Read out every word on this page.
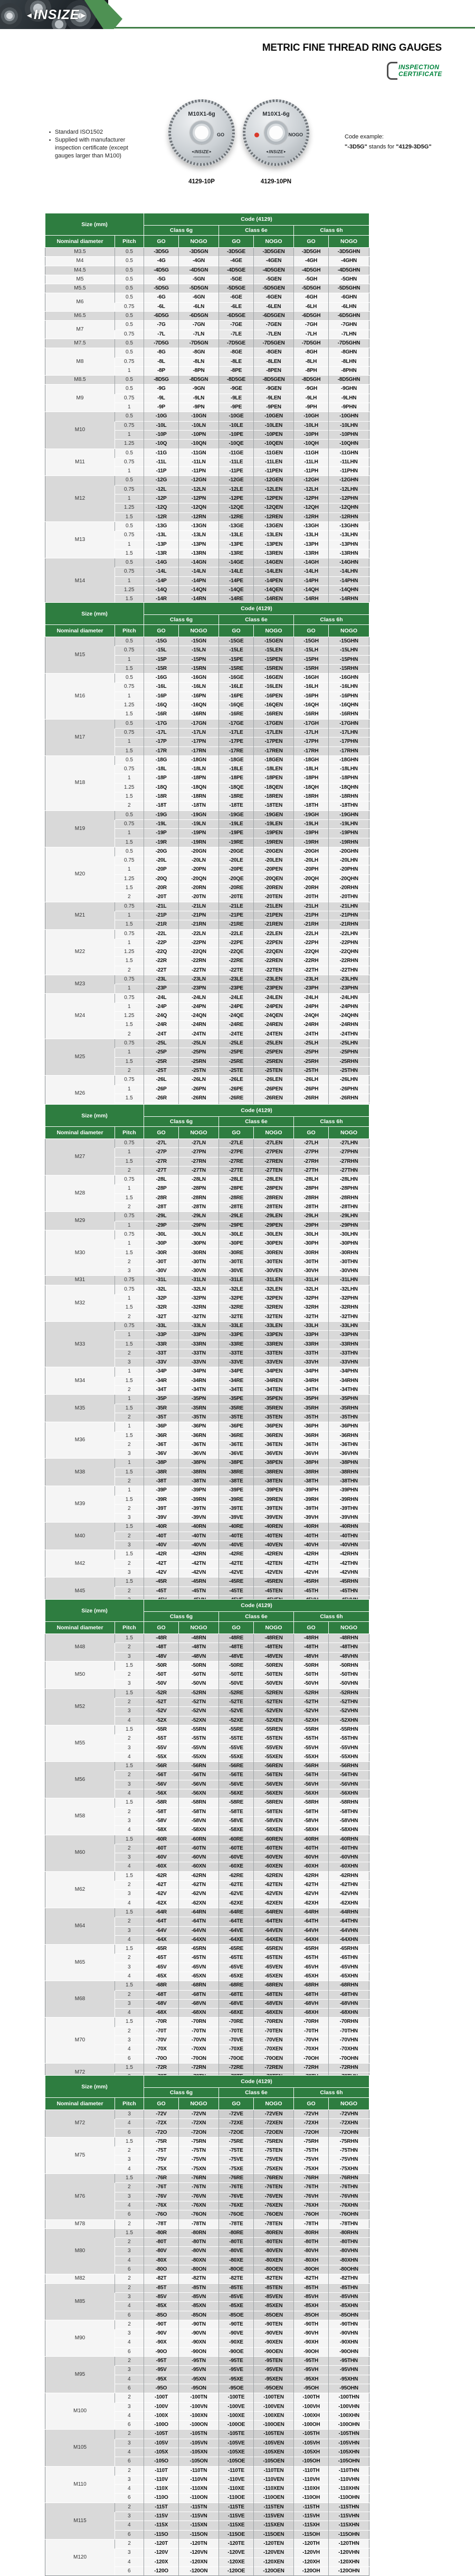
◄INSIZE►
METRIC FINE THREAD RING GAUGES
INSPECTION
CERTIFICATE
▪ Standard ISO1502
▪ Supplied with manufacturer inspection certificate (except gauges larger than M100)
M10X1-6g
GO
◄INSIZE►
M10X1-6g
NOGO
◄INSIZE►
4129-10P	4129-10PN
Code example:
"-3D5G" stands for "4129-3D5G"
Size (mm)		Code (4129)					
		Class 6g		Class 6e		Class 6h	
Nominal diameter	Pitch	GO	NOGO	GO	NOGO	GO	NOGO
M3.5	0.5	-3D5G	-3D5GN	-3D5GE	-3D5GEN	-3D5GH	-3D5GHN
M4	0.5	-4G	-4GN	-4GE	-4GEN	-4GH	-4GHN
M4.5	0.5	-4D5G	-4D5GN	-4D5GE	-4D5GEN	-4D5GH	-4D5GHN
M5	0.5	-5G	-5GN	-5GE	-5GEN	-5GH	-5GHN
M5.5	0.5	-5D5G	-5D5GN	-5D5GE	-5D5GEN	-5D5GH	-5D5GHN
M6	0.5	-6G	-6GN	-6GE	-6GEN	-6GH	-6GHN
	0.75	-6L	-6LN	-6LE	-6LEN	-6LH	-6LHN
M6.5	0.5	-6D5G	-6D5GN	-6D5GE	-6D5GEN	-6D5GH	-6D5GHN
M7	0.5	-7G	-7GN	-7GE	-7GEN	-7GH	-7GHN
	0.75	-7L	-7LN	-7LE	-7LEN	-7LH	-7LHN
M7.5	0.5	-7D5G	-7D5GN	-7D5GE	-7D5GEN	-7D5GH	-7D5GHN
M8	0.5	-8G	-8GN	-8GE	-8GEN	-8GH	-8GHN
	0.75	-8L	-8LN	-8LE	-8LEN	-8LH	-8LHN
	1	-8P	-8PN	-8PE	-8PEN	-8PH	-8PHN
M8.5	0.5	-8D5G	-8D5GN	-8D5GE	-8D5GEN	-8D5GH	-8D5GHN
M9	0.5	-9G	-9GN	-9GE	-9GEN	-9GH	-9GHN
	0.75	-9L	-9LN	-9LE	-9LEN	-9LH	-9LHN
	1	-9P	-9PN	-9PE	-9PEN	-9PH	-9PHN
M10	0.5	-10G	-10GN	-10GE	-10GEN	-10GH	-10GHN
	0.75	-10L	-10LN	-10LE	-10LEN	-10LH	-10LHN
	1	-10P	-10PN	-10PE	-10PEN	-10PH	-10PHN
	1.25	-10Q	-10QN	-10QE	-10QEN	-10QH	-10QHN
M11	0.5	-11G	-11GN	-11GE	-11GEN	-11GH	-11GHN
	0.75	-11L	-11LN	-11LE	-11LEN	-11LH	-11LHN
	1	-11P	-11PN	-11PE	-11PEN	-11PH	-11PHN
M12	0.5	-12G	-12GN	-12GE	-12GEN	-12GH	-12GHN
	0.75	-12L	-12LN	-12LE	-12LEN	-12LH	-12LHN
	1	-12P	-12PN	-12PE	-12PEN	-12PH	-12PHN
	1.25	-12Q	-12QN	-12QE	-12QEN	-12QH	-12QHN
	1.5	-12R	-12RN	-12RE	-12REN	-12RH	-12RHN
M13	0.5	-13G	-13GN	-13GE	-13GEN	-13GH	-13GHN
	0.75	-13L	-13LN	-13LE	-13LEN	-13LH	-13LHN
	1	-13P	-13PN	-13PE	-13PEN	-13PH	-13PHN
	1.5	-13R	-13RN	-13RE	-13REN	-13RH	-13RHN
M14	0.5	-14G	-14GN	-14GE	-14GEN	-14GH	-14GHN
	0.75	-14L	-14LN	-14LE	-14LEN	-14LH	-14LHN
	1	-14P	-14PN	-14PE	-14PEN	-14PH	-14PHN
	1.25	-14Q	-14QN	-14QE	-14QEN	-14QH	-14QHN
	1.5	-14R	-14RN	-14RE	-14REN	-14RH	-14RHN
Size (mm)		Code (4129)					
		Class 6g		Class 6e		Class 6h	
Nominal diameter	Pitch	GO	NOGO	GO	NOGO	GO	NOGO
M15	0.5	-15G	-15GN	-15GE	-15GEN	-15GH	-15GHN
	0.75	-15L	-15LN	-15LE	-15LEN	-15LH	-15LHN
	1	-15P	-15PN	-15PE	-15PEN	-15PH	-15PHN
	1.5	-15R	-15RN	-15RE	-15REN	-15RH	-15RHN
M16	0.5	-16G	-16GN	-16GE	-16GEN	-16GH	-16GHN
	0.75	-16L	-16LN	-16LE	-16LEN	-16LH	-16LHN
	1	-16P	-16PN	-16PE	-16PEN	-16PH	-16PHN
	1.25	-16Q	-16QN	-16QE	-16QEN	-16QH	-16QHN
	1.5	-16R	-16RN	-16RE	-16REN	-16RH	-16RHN
M17	0.5	-17G	-17GN	-17GE	-17GEN	-17GH	-17GHN
	0.75	-17L	-17LN	-17LE	-17LEN	-17LH	-17LHN
	1	-17P	-17PN	-17PE	-17PEN	-17PH	-17PHN
	1.5	-17R	-17RN	-17RE	-17REN	-17RH	-17RHN
M18	0.5	-18G	-18GN	-18GE	-18GEN	-18GH	-18GHN
	0.75	-18L	-18LN	-18LE	-18LEN	-18LH	-18LHN
	1	-18P	-18PN	-18PE	-18PEN	-18PH	-18PHN
	1.25	-18Q	-18QN	-18QE	-18QEN	-18QH	-18QHN
	1.5	-18R	-18RN	-18RE	-18REN	-18RH	-18RHN
	2	-18T	-18TN	-18TE	-18TEN	-18TH	-18THN
M19	0.5	-19G	-19GN	-19GE	-19GEN	-19GH	-19GHN
	0.75	-19L	-19LN	-19LE	-19LEN	-19LH	-19LHN
	1	-19P	-19PN	-19PE	-19PEN	-19PH	-19PHN
	1.5	-19R	-19RN	-19RE	-19REN	-19RH	-19RHN
M20	0.5	-20G	-20GN	-20GE	-20GEN	-20GH	-20GHN
	0.75	-20L	-20LN	-20LE	-20LEN	-20LH	-20LHN
	1	-20P	-20PN	-20PE	-20PEN	-20PH	-20PHN
	1.25	-20Q	-20QN	-20QE	-20QEN	-20QH	-20QHN
	1.5	-20R	-20RN	-20RE	-20REN	-20RH	-20RHN
	2	-20T	-20TN	-20TE	-20TEN	-20TH	-20THN
M21	0.75	-21L	-21LN	-21LE	-21LEN	-21LH	-21LHN
	1	-21P	-21PN	-21PE	-21PEN	-21PH	-21PHN
	1.5	-21R	-21RN	-21RE	-21REN	-21RH	-21RHN
M22	0.75	-22L	-22LN	-22LE	-22LEN	-22LH	-22LHN
	1	-22P	-22PN	-22PE	-22PEN	-22PH	-22PHN
	1.25	-22Q	-22QN	-22QE	-22QEN	-22QH	-22QHN
	1.5	-22R	-22RN	-22RE	-22REN	-22RH	-22RHN
	2	-22T	-22TN	-22TE	-22TEN	-22TH	-22THN
M23	0.75	-23L	-23LN	-23LE	-23LEN	-23LH	-23LHN
	1	-23P	-23PN	-23PE	-23PEN	-23PH	-23PHN
M24	0.75	-24L	-24LN	-24LE	-24LEN	-24LH	-24LHN
	1	-24P	-24PN	-24PE	-24PEN	-24PH	-24PHN
	1.25	-24Q	-24QN	-24QE	-24QEN	-24QH	-24QHN
	1.5	-24R	-24RN	-24RE	-24REN	-24RH	-24RHN
	2	-24T	-24TN	-24TE	-24TEN	-24TH	-24THN
M25	0.75	-25L	-25LN	-25LE	-25LEN	-25LH	-25LHN
	1	-25P	-25PN	-25PE	-25PEN	-25PH	-25PHN
	1.5	-25R	-25RN	-25RE	-25REN	-25RH	-25RHN
	2	-25T	-25TN	-25TE	-25TEN	-25TH	-25THN
M26	0.75	-26L	-26LN	-26LE	-26LEN	-26LH	-26LHN
	1	-26P	-26PN	-26PE	-26PEN	-26PH	-26PHN
	1.5	-26R	-26RN	-26RE	-26REN	-26RH	-26RHN

Size (mm)		Code (4129)					
		Class 6g		Class 6e		Class 6h	
Nominal diameter	Pitch	GO	NOGO	GO	NOGO	GO	NOGO
M27	0.75	-27L	-27LN	-27LE	-27LEN	-27LH	-27LHN
	1	-27P	-27PN	-27PE	-27PEN	-27PH	-27PHN
	1.5	-27R	-27RN	-27RE	-27REN	-27RH	-27RHN
	2	-27T	-27TN	-27TE	-27TEN	-27TH	-27THN
M28	0.75	-28L	-28LN	-28LE	-28LEN	-28LH	-28LHN
	1	-28P	-28PN	-28PE	-28PEN	-28PH	-28PHN
	1.5	-28R	-28RN	-28RE	-28REN	-28RH	-28RHN
	2	-28T	-28TN	-28TE	-28TEN	-28TH	-28THN
M29	0.75	-29L	-29LN	-29LE	-29LEN	-29LH	-29LHN
	1	-29P	-29PN	-29PE	-29PEN	-29PH	-29PHN
M30	0.75	-30L	-30LN	-30LE	-30LEN	-30LH	-30LHN
	1	-30P	-30PN	-30PE	-30PEN	-30PH	-30PHN
	1.5	-30R	-30RN	-30RE	-30REN	-30RH	-30RHN
	2	-30T	-30TN	-30TE	-30TEN	-30TH	-30THN
	3	-30V	-30VN	-30VE	-30VEN	-30VH	-30VHN
M31	0.75	-31L	-31LN	-31LE	-31LEN	-31LH	-31LHN
M32	0.75	-32L	-32LN	-32LE	-32LEN	-32LH	-32LHN
	1	-32P	-32PN	-32PE	-32PEN	-32PH	-32PHN
	1.5	-32R	-32RN	-32RE	-32REN	-32RH	-32RHN
	2	-32T	-32TN	-32TE	-32TEN	-32TH	-32THN
M33	0.75	-33L	-33LN	-33LE	-33LEN	-33LH	-33LHN
	1	-33P	-33PN	-33PE	-33PEN	-33PH	-33PHN
	1.5	-33R	-33RN	-33RE	-33REN	-33RH	-33RHN
	2	-33T	-33TN	-33TE	-33TEN	-33TH	-33THN
	3	-33V	-33VN	-33VE	-33VEN	-33VH	-33VHN
M34	1	-34P	-34PN	-34PE	-34PEN	-34PH	-34PHN
	1.5	-34R	-34RN	-34RE	-34REN	-34RH	-34RHN
	2	-34T	-34TN	-34TE	-34TEN	-34TH	-34THN
M35	1	-35P	-35PN	-35PE	-35PEN	-35PH	-35PHN
	1.5	-35R	-35RN	-35RE	-35REN	-35RH	-35RHN
	2	-35T	-35TN	-35TE	-35TEN	-35TH	-35THN
M36	1	-36P	-36PN	-36PE	-36PEN	-36PH	-36PHN
	1.5	-36R	-36RN	-36RE	-36REN	-36RH	-36RHN
	2	-36T	-36TN	-36TE	-36TEN	-36TH	-36THN
	3	-36V	-36VN	-36VE	-36VEN	-36VH	-36VHN
M38	1	-38P	-38PN	-38PE	-38PEN	-38PH	-38PHN
	1.5	-38R	-38RN	-38RE	-38REN	-38RH	-38RHN
	2	-38T	-38TN	-38TE	-38TEN	-38TH	-38THN
M39	1	-39P	-39PN	-39PE	-39PEN	-39PH	-39PHN
	1.5	-39R	-39RN	-39RE	-39REN	-39RH	-39RHN
	2	-39T	-39TN	-39TE	-39TEN	-39TH	-39THN
	3	-39V	-39VN	-39VE	-39VEN	-39VH	-39VHN
M40	1.5	-40R	-40RN	-40RE	-40REN	-40RH	-40RHN
	2	-40T	-40TN	-40TE	-40TEN	-40TH	-40THN
	3	-40V	-40VN	-40VE	-40VEN	-40VH	-40VHN
M42	1.5	-42R	-42RN	-42RE	-42REN	-42RH	-42RHN
	2	-42T	-42TN	-42TE	-42TEN	-42TH	-42THN
	3	-42V	-42VN	-42VE	-42VEN	-42VH	-42VHN
M45	1.5	-45R	-45RN	-45RE	-45REN	-45RH	-45RHN
	2	-45T	-45TN	-45TE	-45TEN	-45TH	-45THN

Size (mm)		Code (4129)					
		Class 6g		Class 6e		Class 6h	
Nominal diameter	Pitch	GO	NOGO	GO	NOGO	GO	NOGO
M48	1.5	-48R	-48RN	-48RE	-48REN	-48RH	-48RHN
	2	-48T	-48TN	-48TE	-48TEN	-48TH	-48THN
	3	-48V	-48VN	-48VE	-48VEN	-48VH	-48VHN
M50	1.5	-50R	-50RN	-50RE	-50REN	-50RH	-50RHN
	2	-50T	-50TN	-50TE	-50TEN	-50TH	-50THN
	3	-50V	-50VN	-50VE	-50VEN	-50VH	-50VHN
M52	1.5	-52R	-52RN	-52RE	-52REN	-52RH	-52RHN
	2	-52T	-52TN	-52TE	-52TEN	-52TH	-52THN
	3	-52V	-52VN	-52VE	-52VEN	-52VH	-52VHN
	4	-52X	-52XN	-52XE	-52XEN	-52XH	-52XHN
M55	1.5	-55R	-55RN	-55RE	-55REN	-55RH	-55RHN
	2	-55T	-55TN	-55TE	-55TEN	-55TH	-55THN
	3	-55V	-55VN	-55VE	-55VEN	-55VH	-55VHN
	4	-55X	-55XN	-55XE	-55XEN	-55XH	-55XHN
M56	1.5	-56R	-56RN	-56RE	-56REN	-56RH	-56RHN
	2	-56T	-56TN	-56TE	-56TEN	-56TH	-56THN
	3	-56V	-56VN	-56VE	-56VEN	-56VH	-56VHN
	4	-56X	-56XN	-56XE	-56XEN	-56XH	-56XHN
M58	1.5	-58R	-58RN	-58RE	-58REN	-58RH	-58RHN
	2	-58T	-58TN	-58TE	-58TEN	-58TH	-58THN
	3	-58V	-58VN	-58VE	-58VEN	-58VH	-58VHN
	4	-58X	-58XN	-58XE	-58XEN	-58XH	-58XHN
M60	1.5	-60R	-60RN	-60RE	-60REN	-60RH	-60RHN
	2	-60T	-60TN	-60TE	-60TEN	-60TH	-60THN
	3	-60V	-60VN	-60VE	-60VEN	-60VH	-60VHN
	4	-60X	-60XN	-60XE	-60XEN	-60XH	-60XHN
M62	1.5	-62R	-62RN	-62RE	-62REN	-62RH	-62RHN
	2	-62T	-62TN	-62TE	-62TEN	-62TH	-62THN
	3	-62V	-62VN	-62VE	-62VEN	-62VH	-62VHN
	4	-62X	-62XN	-62XE	-62XEN	-62XH	-62XHN
M64	1.5	-64R	-64RN	-64RE	-64REN	-64RH	-64RHN
	2	-64T	-64TN	-64TE	-64TEN	-64TH	-64THN
	3	-64V	-64VN	-64VE	-64VEN	-64VH	-64VHN
	4	-64X	-64XN	-64XE	-64XEN	-64XH	-64XHN
M65	1.5	-65R	-65RN	-65RE	-65REN	-65RH	-65RHN
	2	-65T	-65TN	-65TE	-65TEN	-65TH	-65THN
	3	-65V	-65VN	-65VE	-65VEN	-65VH	-65VHN
	4	-65X	-65XN	-65XE	-65XEN	-65XH	-65XHN
M68	1.5	-68R	-68RN	-68RE	-68REN	-68RH	-68RHN
	2	-68T	-68TN	-68TE	-68TEN	-68TH	-68THN
	3	-68V	-68VN	-68VE	-68VEN	-68VH	-68VHN
	4	-68X	-68XN	-68XE	-68XEN	-68XH	-68XHN
M70	1.5	-70R	-70RN	-70RE	-70REN	-70RH	-70RHN
	2	-70T	-70TN	-70TE	-70TEN	-70TH	-70THN
	3	-70V	-70VN	-70VE	-70VEN	-70VH	-70VHN
	4	-70X	-70XN	-70XE	-70XEN	-70XH	-70XHN
	6	-70O	-70ON	-70OE	-70OEN	-70OH	-70OHN
M72	1.5	-72R	-72RN	-72RE	-72REN	-72RH	-72RHN

Size (mm)		Code (4129)					
		Class 6g		Class 6e		Class 6h	
Nominal diameter	Pitch	GO	NOGO	GO	NOGO	GO	NOGO
M72	3	-72V	-72VN	-72VE	-72VEN	-72VH	-72VHN
	4	-72X	-72XN	-72XE	-72XEN	-72XH	-72XHN
	6	-72O	-72ON	-72OE	-72OEN	-72OH	-72OHN
M75	1.5	-75R	-75RN	-75RE	-75REN	-75RH	-75RHN
	2	-75T	-75TN	-75TE	-75TEN	-75TH	-75THN
	3	-75V	-75VN	-75VE	-75VEN	-75VH	-75VHN
	4	-75X	-75XN	-75XE	-75XEN	-75XH	-75XHN
M76	1.5	-76R	-76RN	-76RE	-76REN	-76RH	-76RHN
	2	-76T	-76TN	-76TE	-76TEN	-76TH	-76THN
	3	-76V	-76VN	-76VE	-76VEN	-76VH	-76VHN
	4	-76X	-76XN	-76XE	-76XEN	-76XH	-76XHN
	6	-76O	-76ON	-76OE	-76OEN	-76OH	-76OHN
M78	2	-78T	-78TN	-78TE	-78TEN	-78TH	-78THN
M80	1.5	-80R	-80RN	-80RE	-80REN	-80RH	-80RHN
	2	-80T	-80TN	-80TE	-80TEN	-80TH	-80THN
	3	-80V	-80VN	-80VE	-80VEN	-80VH	-80VHN
	4	-80X	-80XN	-80XE	-80XEN	-80XH	-80XHN
	6	-80O	-80ON	-80OE	-80OEN	-80OH	-80OHN
M82	2	-82T	-82TN	-82TE	-82TEN	-82TH	-82THN
M85	2	-85T	-85TN	-85TE	-85TEN	-85TH	-85THN
	3	-85V	-85VN	-85VE	-85VEN	-85VH	-85VHN
	4	-85X	-85XN	-85XE	-85XEN	-85XH	-85XHN
	6	-85O	-85ON	-85OE	-85OEN	-85OH	-85OHN
M90	2	-90T	-90TN	-90TE	-90TEN	-90TH	-90THN
	3	-90V	-90VN	-90VE	-90VEN	-90VH	-90VHN
	4	-90X	-90XN	-90XE	-90XEN	-90XH	-90XHN
	6	-90O	-90ON	-90OE	-90OEN	-90OH	-90OHN
M95	2	-95T	-95TN	-95TE	-95TEN	-95TH	-95THN
	3	-95V	-95VN	-95VE	-95VEN	-95VH	-95VHN
	4	-95X	-95XN	-95XE	-95XEN	-95XH	-95XHN
	6	-95O	-95ON	-95OE	-95OEN	-95OH	-95OHN
M100	2	-100T	-100TN	-100TE	-100TEN	-100TH	-100THN
	3	-100V	-100VN	-100VE	-100VEN	-100VH	-100VHN
	4	-100X	-100XN	-100XE	-100XEN	-100XH	-100XHN
	6	-100O	-100ON	-100OE	-100OEN	-100OH	-100OHN
M105	2	-105T	-105TN	-105TE	-105TEN	-105TH	-105THN
	3	-105V	-105VN	-105VE	-105VEN	-105VH	-105VHN
	4	-105X	-105XN	-105XE	-105XEN	-105XH	-105XHN
	6	-105O	-105ON	-105OE	-105OEN	-105OH	-105OHN
M110	2	-110T	-110TN	-110TE	-110TEN	-110TH	-110THN
	3	-110V	-110VN	-110VE	-110VEN	-110VH	-110VHN
	4	-110X	-110XN	-110XE	-110XEN	-110XH	-110XHN
	6	-110O	-110ON	-110OE	-110OEN	-110OH	-110OHN
M115	2	-115T	-115TN	-115TE	-115TEN	-115TH	-115THN
	3	-115V	-115VN	-115VE	-115VEN	-115VH	-115VHN
	4	-115X	-115XN	-115XE	-115XEN	-115XH	-115XHN
	6	-115O	-115ON	-115OE	-115OEN	-115OH	-115OHN
M120	2	-120T	-120TN	-120TE	-120TEN	-120TH	-120THN
	3	-120V	-120VN	-120VE	-120VEN	-120VH	-120VHN
	4	-120X	-120XN	-120XE	-120XEN	-120XH	-120XHN
	6	-120O	-120ON	-120OE	-120OEN	-120OH	-120OHN
